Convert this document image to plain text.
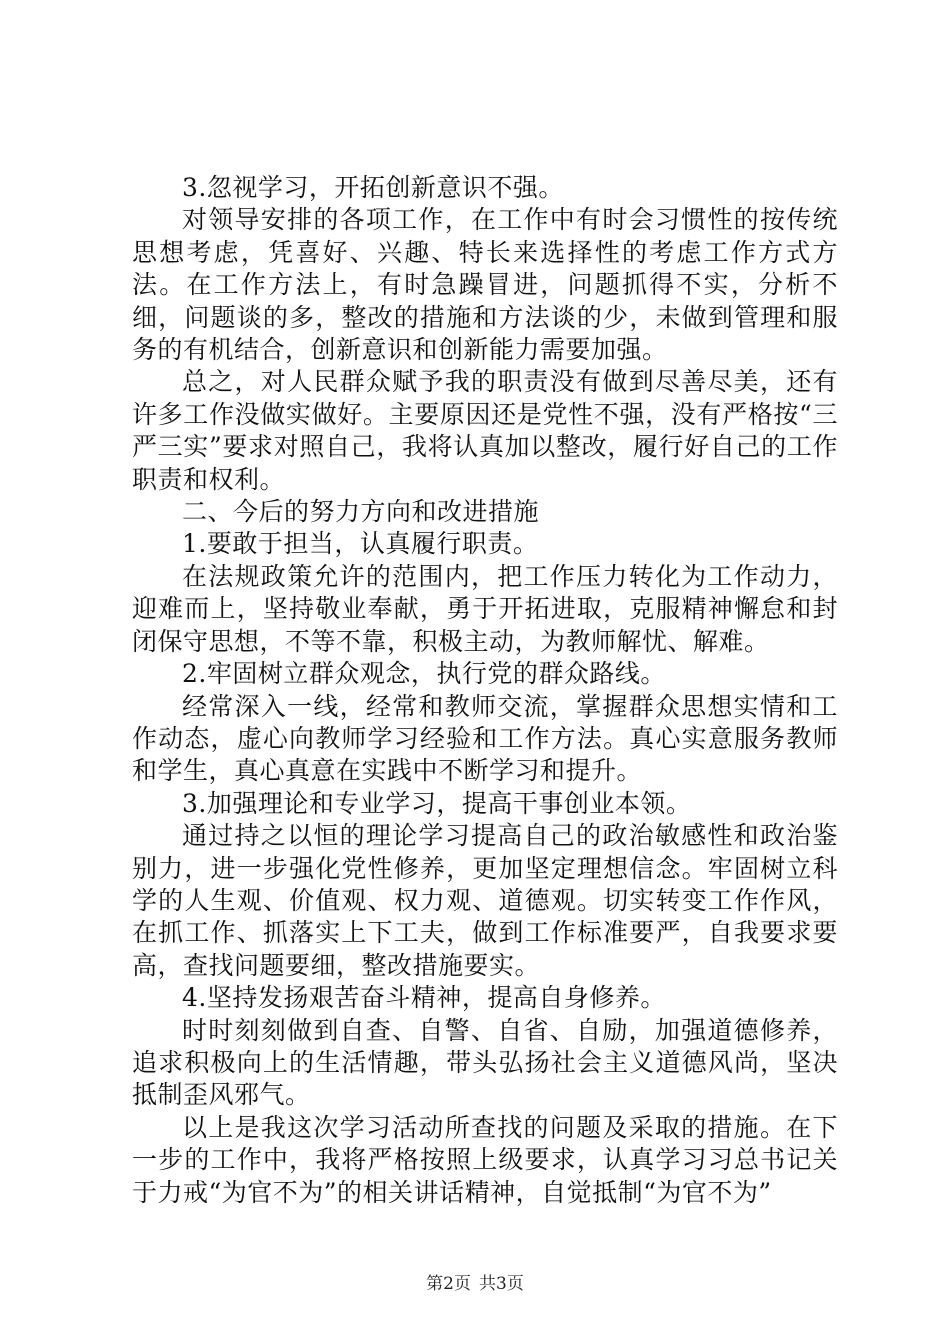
3.忽视学习，开拓创新意识不强。

对领导安排的各项工作，在工作中有时会习惯性的按传统思想考虑，凭喜好、兴趣、特长来选择性的考虑工作方式方法。在工作方法上，有时急躁冒进，问题抓得不实，分析不细，问题谈的多，整改的措施和方法谈的少，未做到管理和服务的有机结合，创新意识和创新能力需要加强。

总之，对人民群众赋予我的职责没有做到尽善尽美，还有许多工作没做实做好。主要原因还是党性不强，没有严格按“三严三实”要求对照自己，我将认真加以整改，履行好自己的工作职责和权利。

二、今后的努力方向和改进措施

1.要敢于担当，认真履行职责。

在法规政策允许的范围内，把工作压力转化为工作动力，迎难而上，坚持敬业奉献，勇于开拓进取，克服精神懈怠和封闭保守思想，不等不靠，积极主动，为教师解忧、解难。

2.牢固树立群众观念，执行党的群众路线。

经常深入一线，经常和教师交流，掌握群众思想实情和工作动态，虚心向教师学习经验和工作方法。真心实意服务教师和学生，真心真意在实践中不断学习和提升。

3.加强理论和专业学习，提高干事创业本领。

通过持之以恒的理论学习提高自己的政治敏感性和政治鉴别力，进一步强化党性修养，更加坚定理想信念。牢固树立科学的人生观、价值观、权力观、道德观。切实转变工作作风，在抓工作、抓落实上下工夫，做到工作标准要严，自我要求要高，查找问题要细，整改措施要实。

4.坚持发扬艰苦奋斗精神，提高自身修养。

时时刻刻做到自查、自警、自省、自励，加强道德修养，追求积极向上的生活情趣，带头弘扬社会主义道德风尚，坚决抵制歪风邪气。

以上是我这次学习活动所查找的问题及采取的措施。在下一步的工作中，我将严格按照上级要求，认真学习习总书记关于力戒“为官不为”的相关讲话精神，自觉抵制“为官不为”

第2页 共3页
